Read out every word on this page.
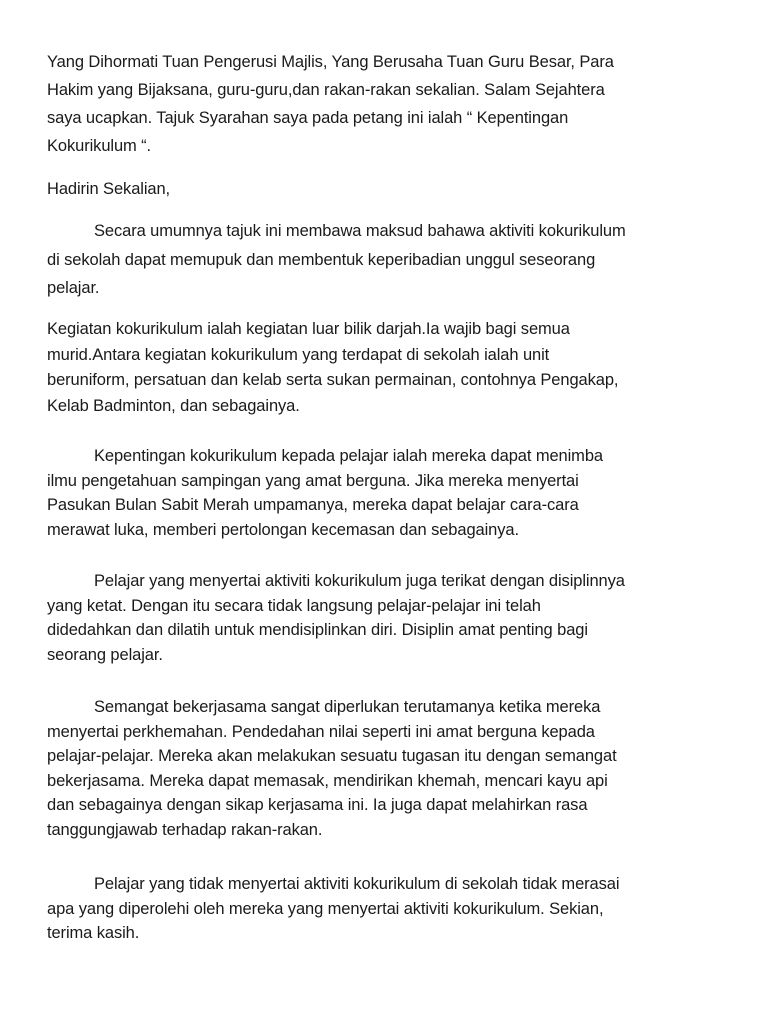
Yang Dihormati Tuan Pengerusi Majlis, Yang Berusaha Tuan Guru Besar, Para
Hakim yang Bijaksana, guru-guru,dan rakan-rakan sekalian. Salam Sejahtera
saya ucapkan. Tajuk Syarahan saya pada petang ini ialah “ Kepentingan
Kokurikulum “.

Hadirin Sekalian,

Secara umumnya tajuk ini membawa maksud bahawa aktiviti kokurikulum
di sekolah dapat memupuk dan membentuk keperibadian unggul seseorang
pelajar.

Kegiatan kokurikulum ialah kegiatan luar bilik darjah.Ia wajib bagi semua
murid.Antara kegiatan kokurikulum yang terdapat di sekolah ialah unit
beruniform, persatuan dan kelab serta sukan permainan, contohnya Pengakap,
Kelab Badminton, dan sebagainya.

Kepentingan kokurikulum kepada pelajar ialah mereka dapat menimba
ilmu pengetahuan sampingan yang amat berguna. Jika mereka menyertai
Pasukan Bulan Sabit Merah umpamanya, mereka dapat belajar cara-cara
merawat luka, memberi pertolongan kecemasan dan sebagainya.

Pelajar yang menyertai aktiviti kokurikulum juga terikat dengan disiplinnya
yang ketat. Dengan itu secara tidak langsung pelajar-pelajar ini telah
didedahkan dan dilatih untuk mendisiplinkan diri. Disiplin amat penting bagi
seorang pelajar.

Semangat bekerjasama sangat diperlukan terutamanya ketika mereka
menyertai perkhemahan. Pendedahan nilai seperti ini amat berguna kepada
pelajar-pelajar. Mereka akan melakukan sesuatu tugasan itu dengan semangat
bekerjasama. Mereka dapat memasak, mendirikan khemah, mencari kayu api
dan sebagainya dengan sikap kerjasama ini. Ia juga dapat melahirkan rasa
tanggungjawab terhadap rakan-rakan.

Pelajar yang tidak menyertai aktiviti kokurikulum di sekolah tidak merasai
apa yang diperolehi oleh mereka yang menyertai aktiviti kokurikulum. Sekian,
terima kasih.
